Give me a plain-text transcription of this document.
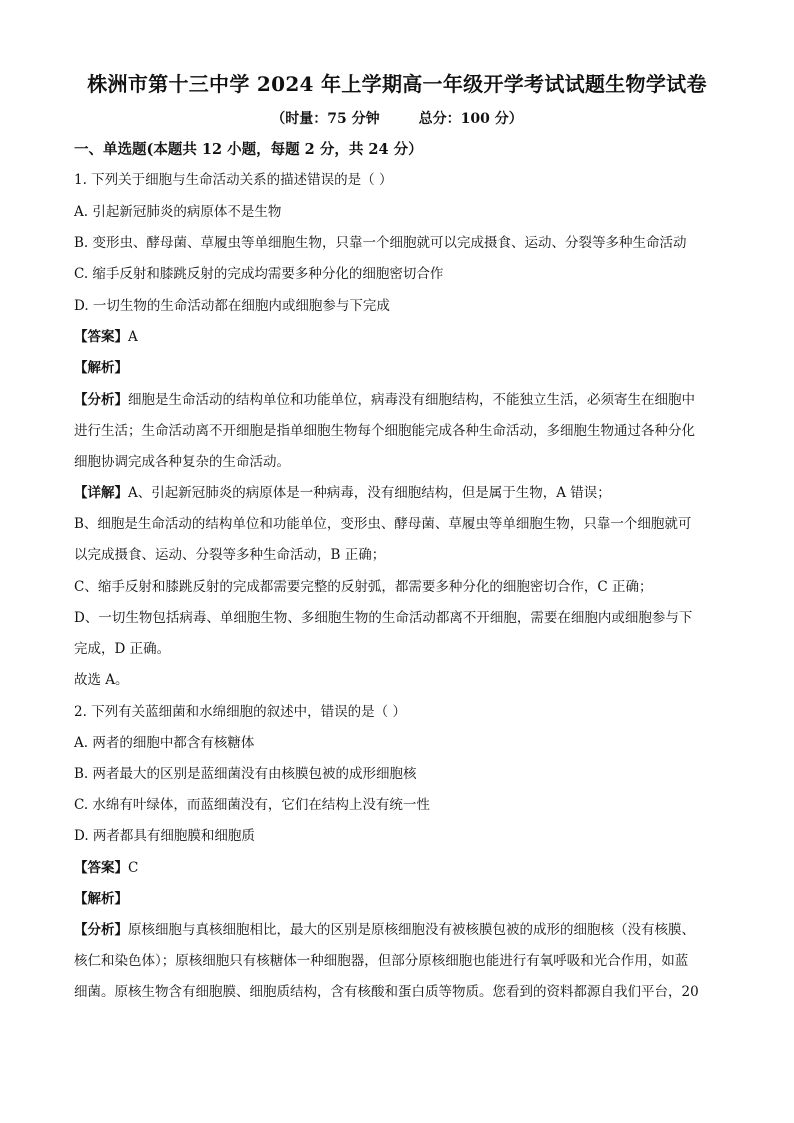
株洲市第十三中学 2024 年上学期高一年级开学考试试题生物学试卷
（时量：75 分钟        总分：100 分）
一、单选题(本题共 12 小题，每题 2 分，共 24 分）
1. 下列关于细胞与生命活动关系的描述错误的是（ ）
A. 引起新冠肺炎的病原体不是生物
B. 变形虫、酵母菌、草履虫等单细胞生物，只靠一个细胞就可以完成摄食、运动、分裂等多种生命活动
C. 缩手反射和膝跳反射的完成均需要多种分化的细胞密切合作
D. 一切生物的生命活动都在细胞内或细胞参与下完成
【答案】A
【解析】
【分析】细胞是生命活动的结构单位和功能单位，病毒没有细胞结构，不能独立生活，必须寄生在细胞中
进行生活；生命活动离不开细胞是指单细胞生物每个细胞能完成各种生命活动，多细胞生物通过各种分化
细胞协调完成各种复杂的生命活动。
【详解】A、引起新冠肺炎的病原体是一种病毒，没有细胞结构，但是属于生物，A 错误；
B、细胞是生命活动的结构单位和功能单位，变形虫、酵母菌、草履虫等单细胞生物，只靠一个细胞就可
以完成摄食、运动、分裂等多种生命活动，B 正确；
C、缩手反射和膝跳反射的完成都需要完整的反射弧，都需要多种分化的细胞密切合作，C 正确；
D、一切生物包括病毒、单细胞生物、多细胞生物的生命活动都离不开细胞，需要在细胞内或细胞参与下
完成，D 正确。
故选 A。
2. 下列有关蓝细菌和水绵细胞的叙述中，错误的是（ ）
A. 两者的细胞中都含有核糖体
B. 两者最大的区别是蓝细菌没有由核膜包被的成形细胞核
C. 水绵有叶绿体，而蓝细菌没有，它们在结构上没有统一性
D. 两者都具有细胞膜和细胞质
【答案】C
【解析】
【分析】原核细胞与真核细胞相比，最大的区别是原核细胞没有被核膜包被的成形的细胞核（没有核膜、
核仁和染色体）；原核细胞只有核糖体一种细胞器，但部分原核细胞也能进行有氧呼吸和光合作用，如蓝
细菌。原核生物含有细胞膜、细胞质结构，含有核酸和蛋白质等物质。您看到的资料都源自我们平台，20
